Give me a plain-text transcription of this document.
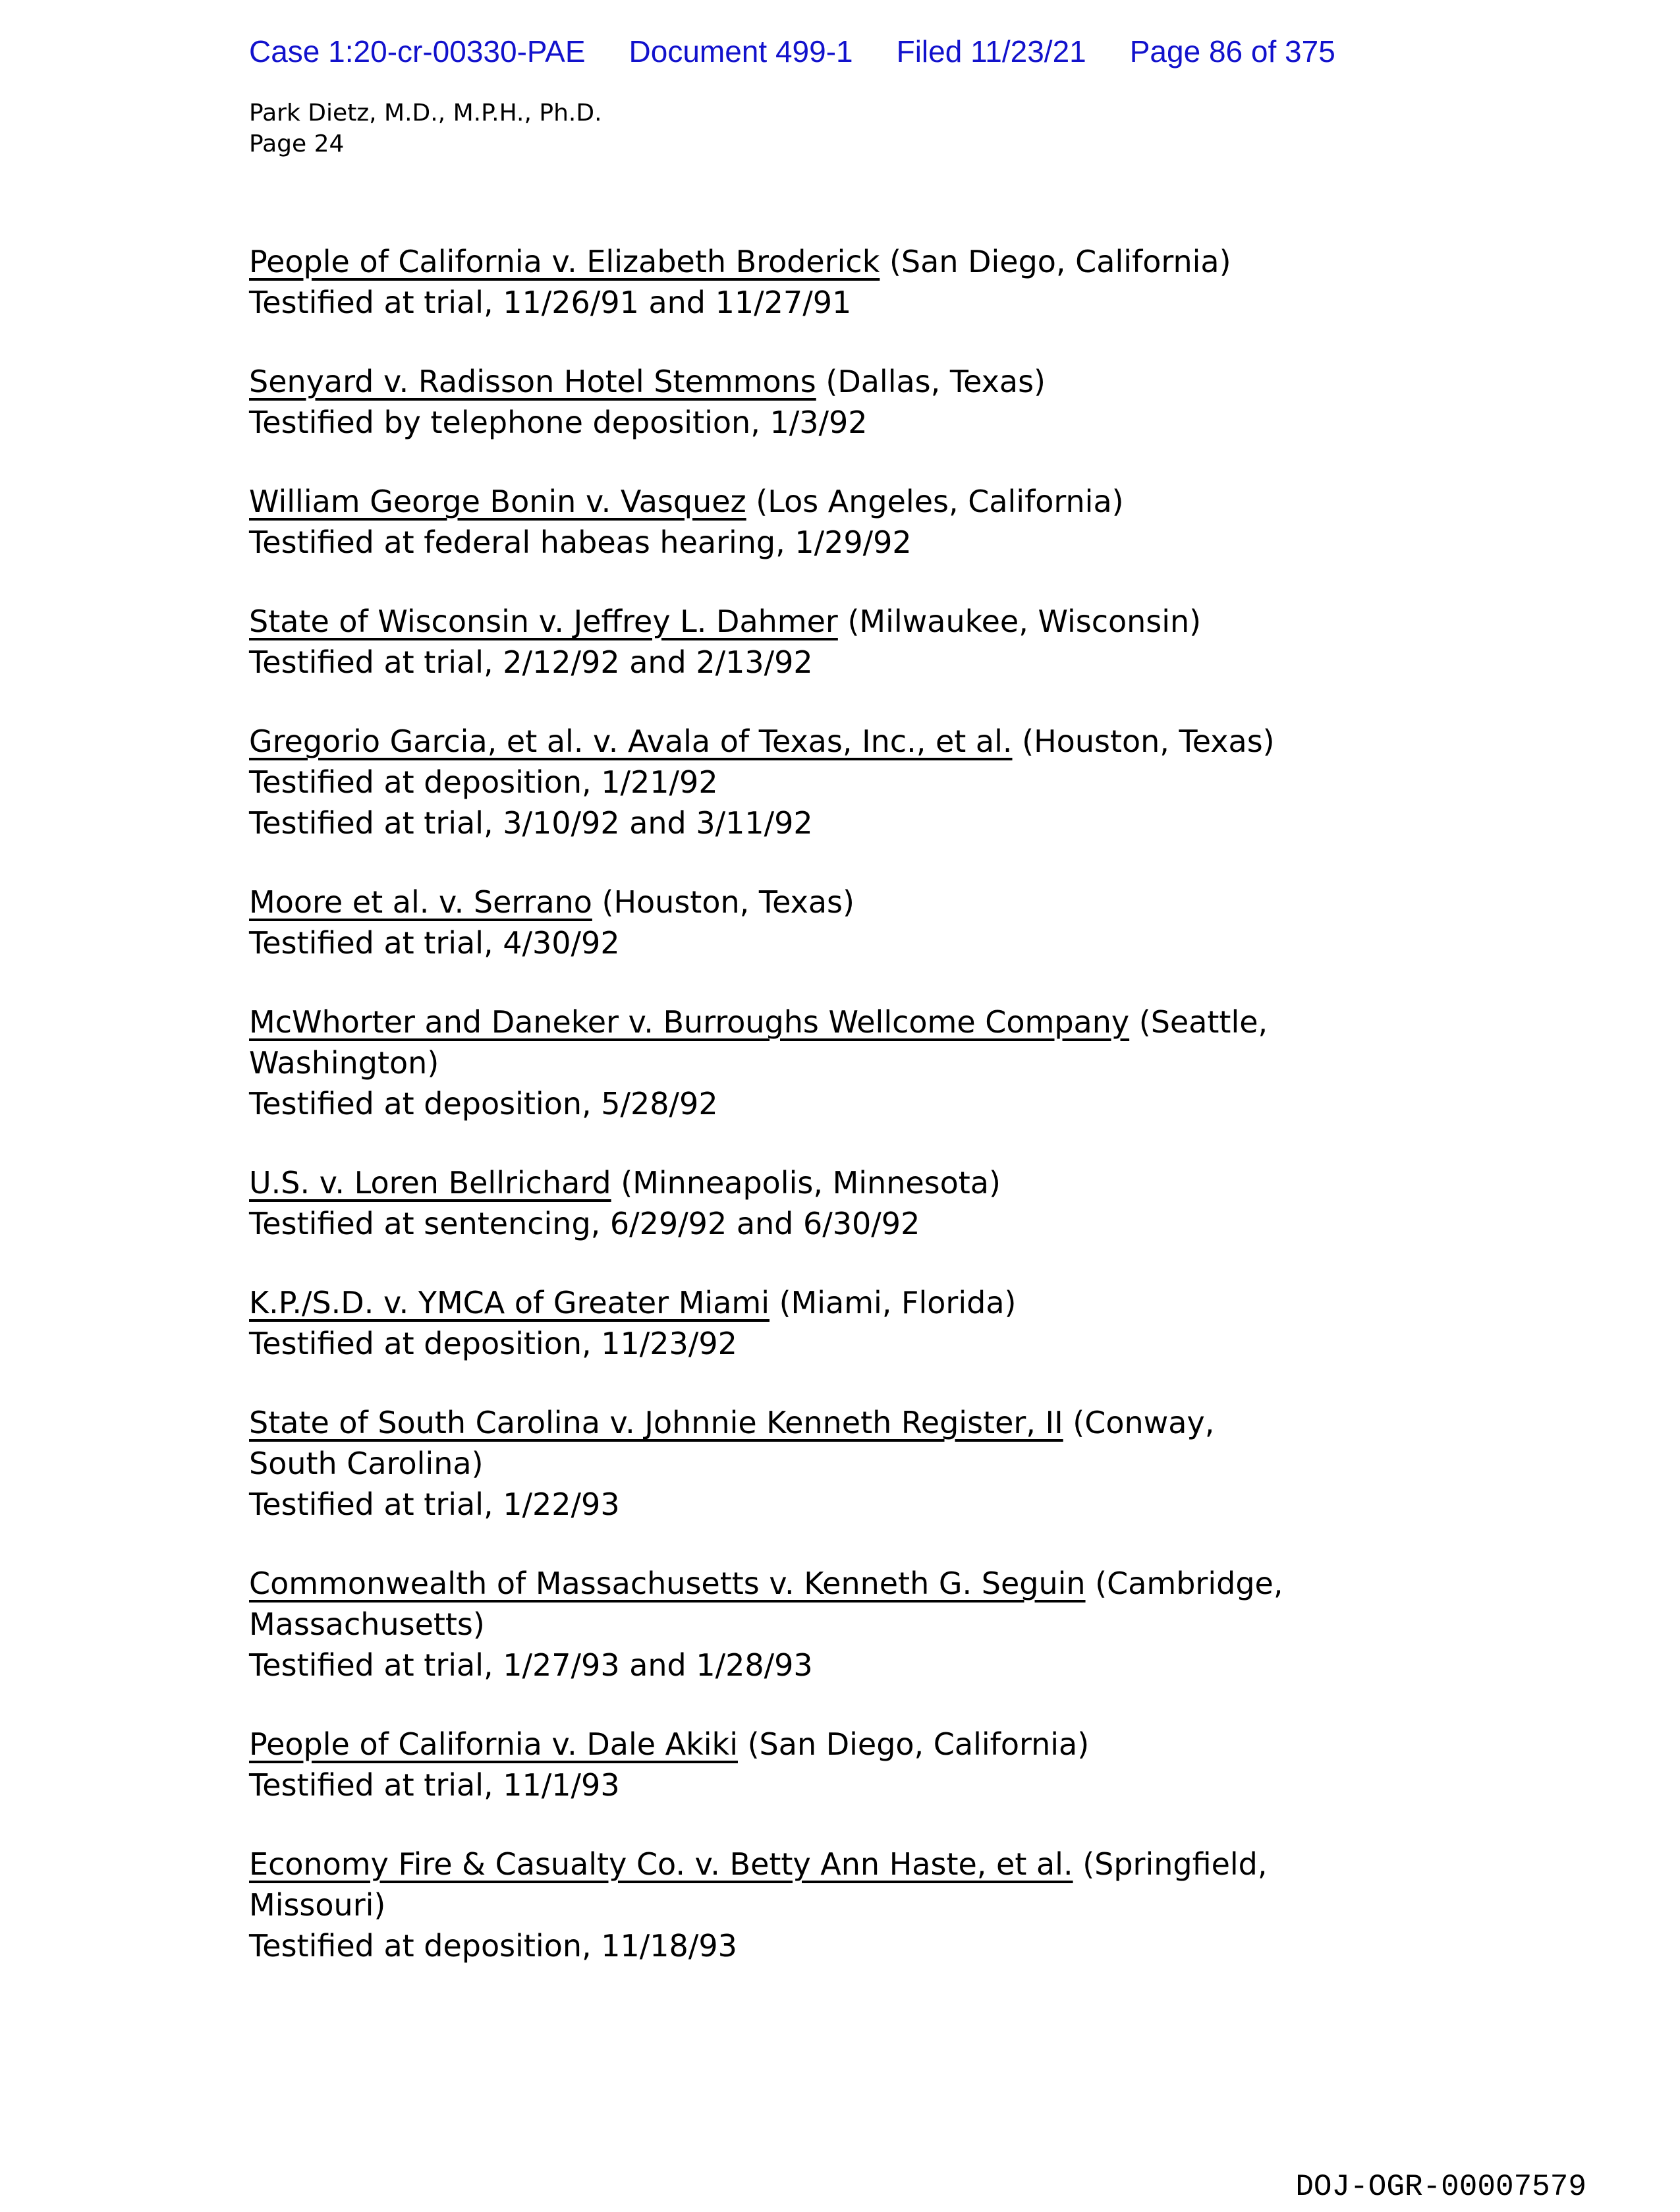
Case 1:20-cr-00330-PAE Document 499-1 Filed 11/23/21 Page 86 of 375
Park Dietz, M.D., M.P.H., Ph.D.
Page 24
People of California v. Elizabeth Broderick (San Diego, California)
Testified at trial, 11/26/91 and 11/27/91
Senyard v. Radisson Hotel Stemmons (Dallas, Texas)
Testified by telephone deposition, 1/3/92
William George Bonin v. Vasquez (Los Angeles, California)
Testified at federal habeas hearing, 1/29/92
State of Wisconsin v. Jeffrey L. Dahmer (Milwaukee, Wisconsin)
Testified at trial, 2/12/92 and 2/13/92
Gregorio Garcia, et al. v. Avala of Texas, Inc., et al. (Houston, Texas)
Testified at deposition, 1/21/92
Testified at trial, 3/10/92 and 3/11/92
Moore et al. v. Serrano (Houston, Texas)
Testified at trial, 4/30/92
McWhorter and Daneker v. Burroughs Wellcome Company (Seattle,
Washington)
Testified at deposition, 5/28/92
U.S. v. Loren Bellrichard (Minneapolis, Minnesota)
Testified at sentencing, 6/29/92 and 6/30/92
K.P./S.D. v. YMCA of Greater Miami (Miami, Florida)
Testified at deposition, 11/23/92
State of South Carolina v. Johnnie Kenneth Register, II (Conway,
South Carolina)
Testified at trial, 1/22/93
Commonwealth of Massachusetts v. Kenneth G. Seguin (Cambridge,
Massachusetts)
Testified at trial, 1/27/93 and 1/28/93
People of California v. Dale Akiki (San Diego, California)
Testified at trial, 11/1/93
Economy Fire & Casualty Co. v. Betty Ann Haste, et al. (Springfield,
Missouri)
Testified at deposition, 11/18/93
DOJ-OGR-00007579
